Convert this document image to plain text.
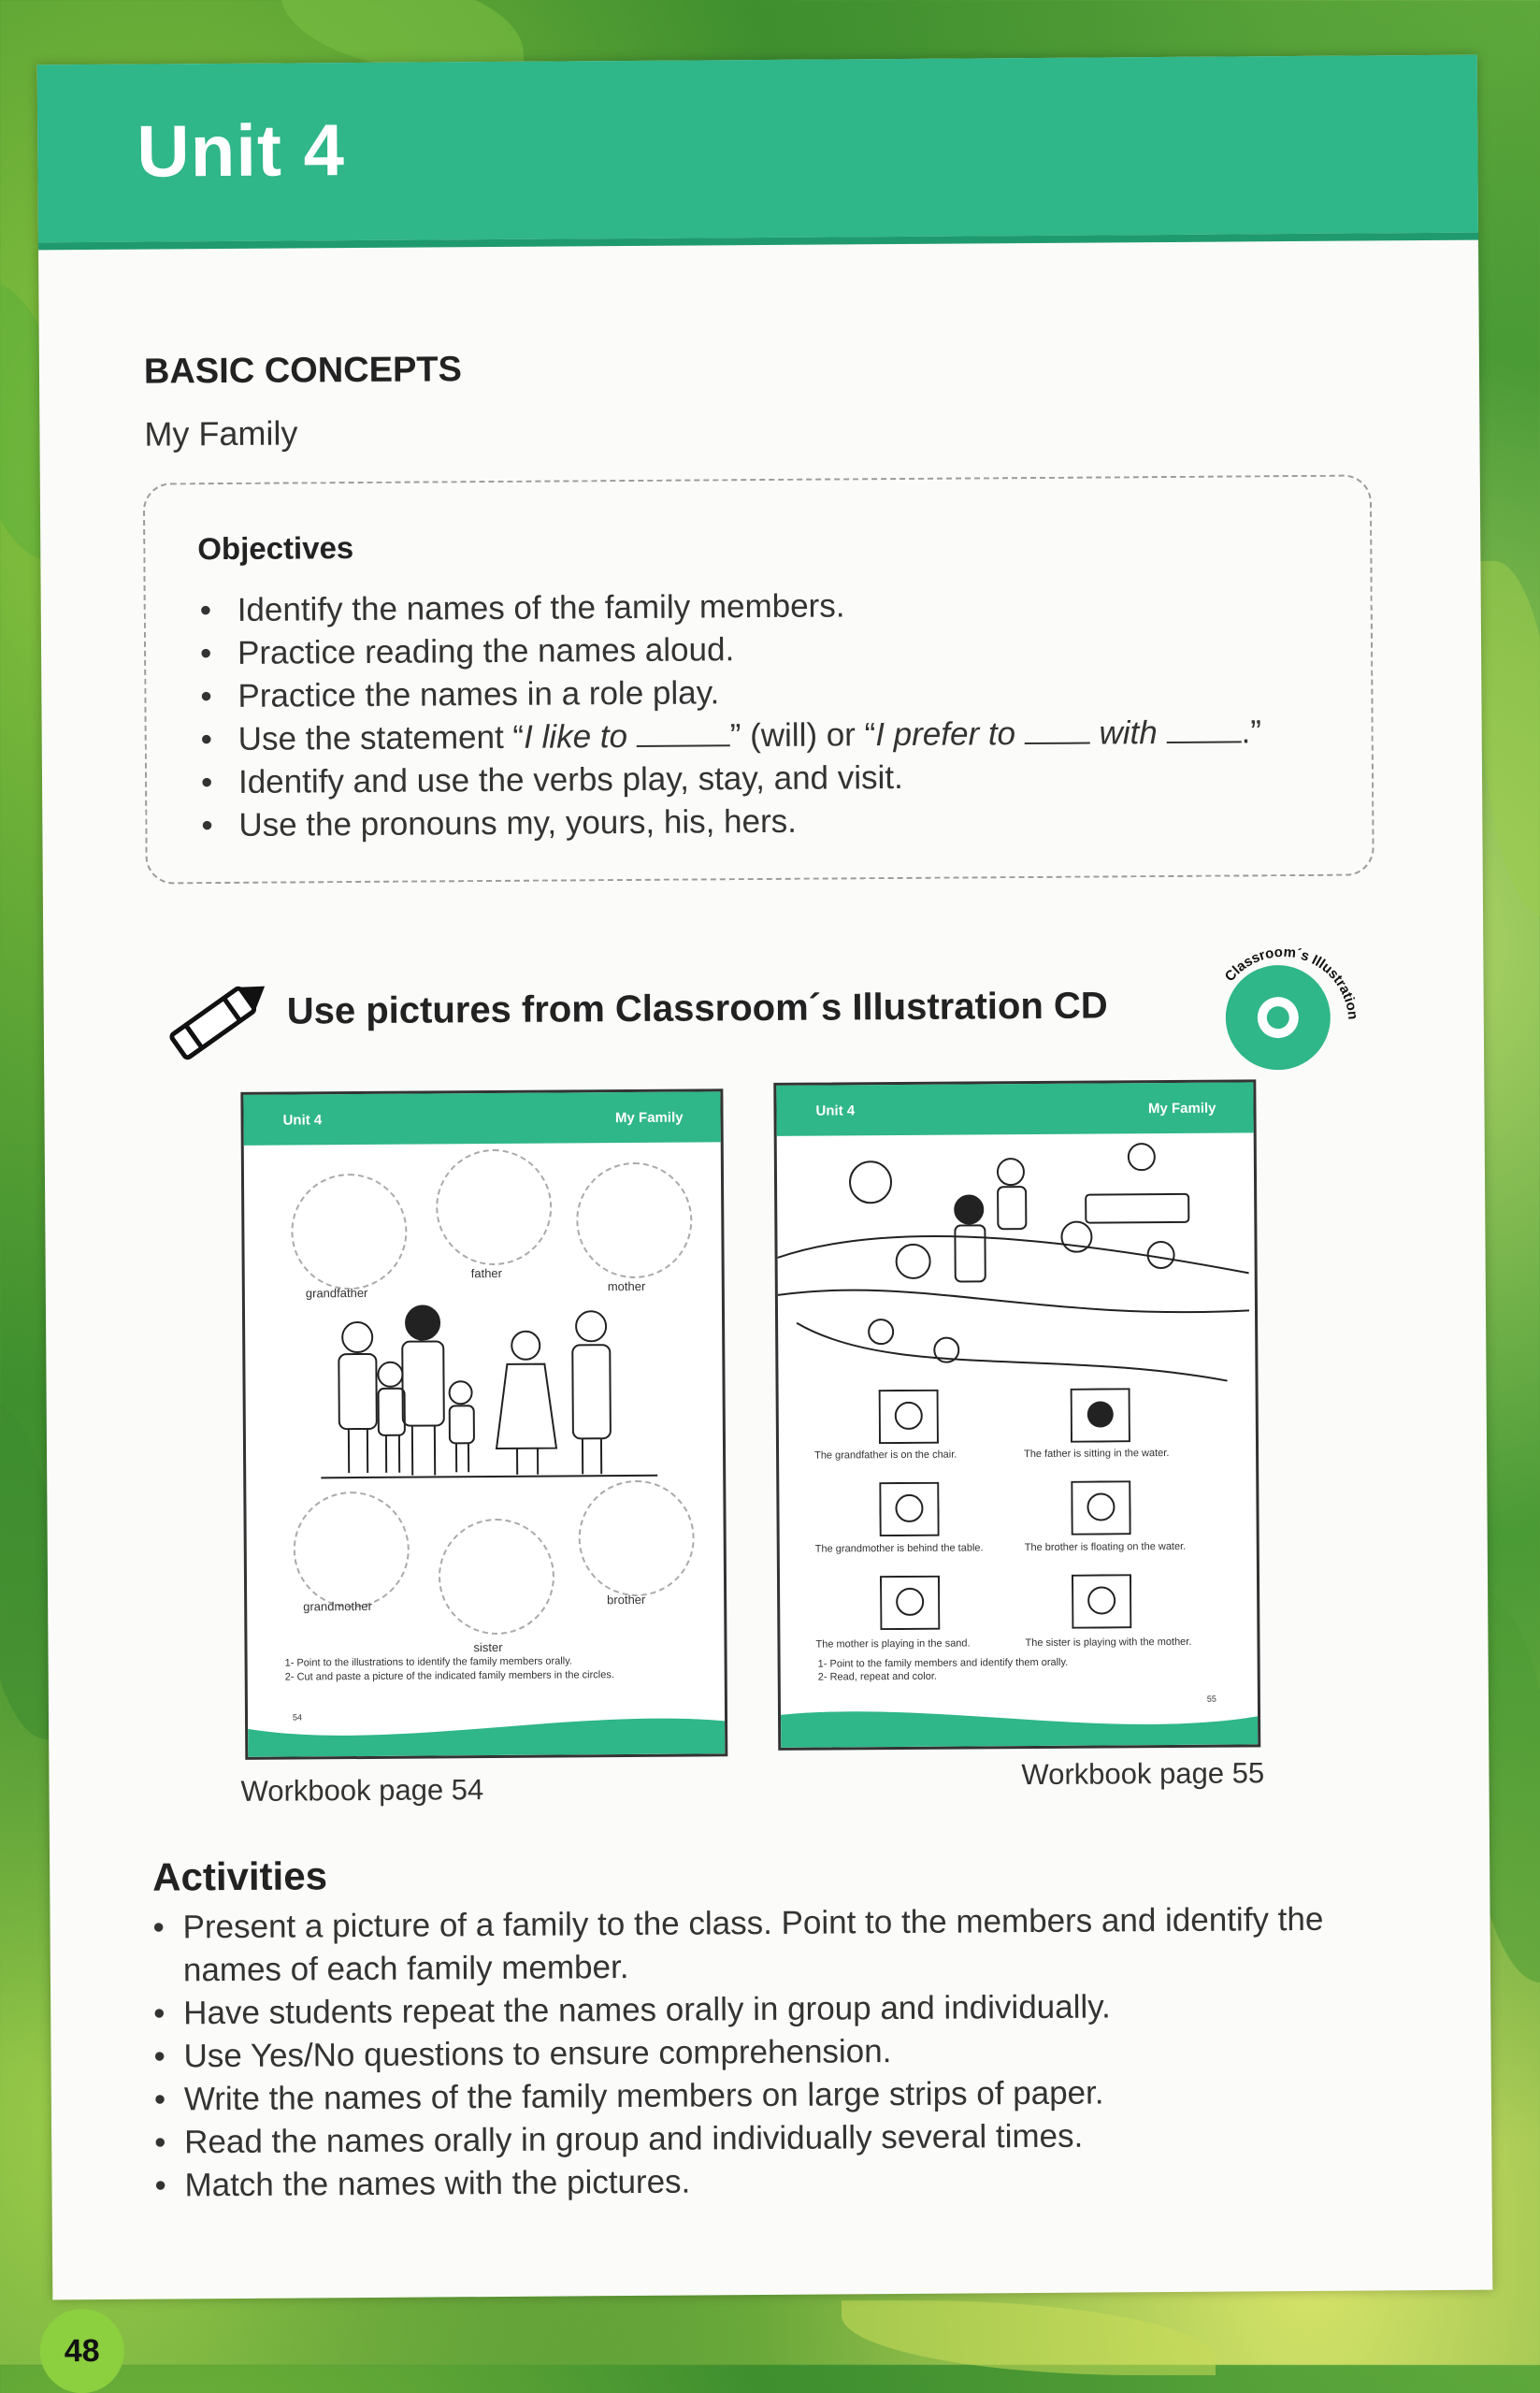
Unit 4
BASIC CONCEPTS
My Family
Objectives
• Identify the names of the family members.
• Practice reading the names aloud.
• Practice the names in a role play.
• Use the statement “I like to	” (will) or “I prefer to	with	.”
• Identify and use the verbs play, stay, and visit.
• Use the pronouns my, yours, his, hers.
Use pictures from Classroom´s Illustration CD
Classroom´s Illustration
Unit 4	My Family
grandfather
father
mother
grandmother	brother
sister
1- Point to the illustrations to identify the family members orally.
2- Cut and paste a picture of the indicated family members in the circles.
54
Unit 4	My Family
The grandfather is on the chair.	The father is sitting in the water.
The grandmother is behind the table.	The brother is floating on the water.
The mother is playing in the sand.	The sister is playing with the mother.
1- Point to the family members and identify them orally.
2- Read, repeat and color.
55
Workbook page 54	Workbook page 55
Activities
• Present a picture of a family to the class. Point to the members and identify the names of each family member.
• Have students repeat the names orally in group and individually.
• Use Yes/No questions to ensure comprehension.
• Write the names of the family members on large strips of paper.
• Read the names orally in group and individually several times.
• Match the names with the pictures.
48
